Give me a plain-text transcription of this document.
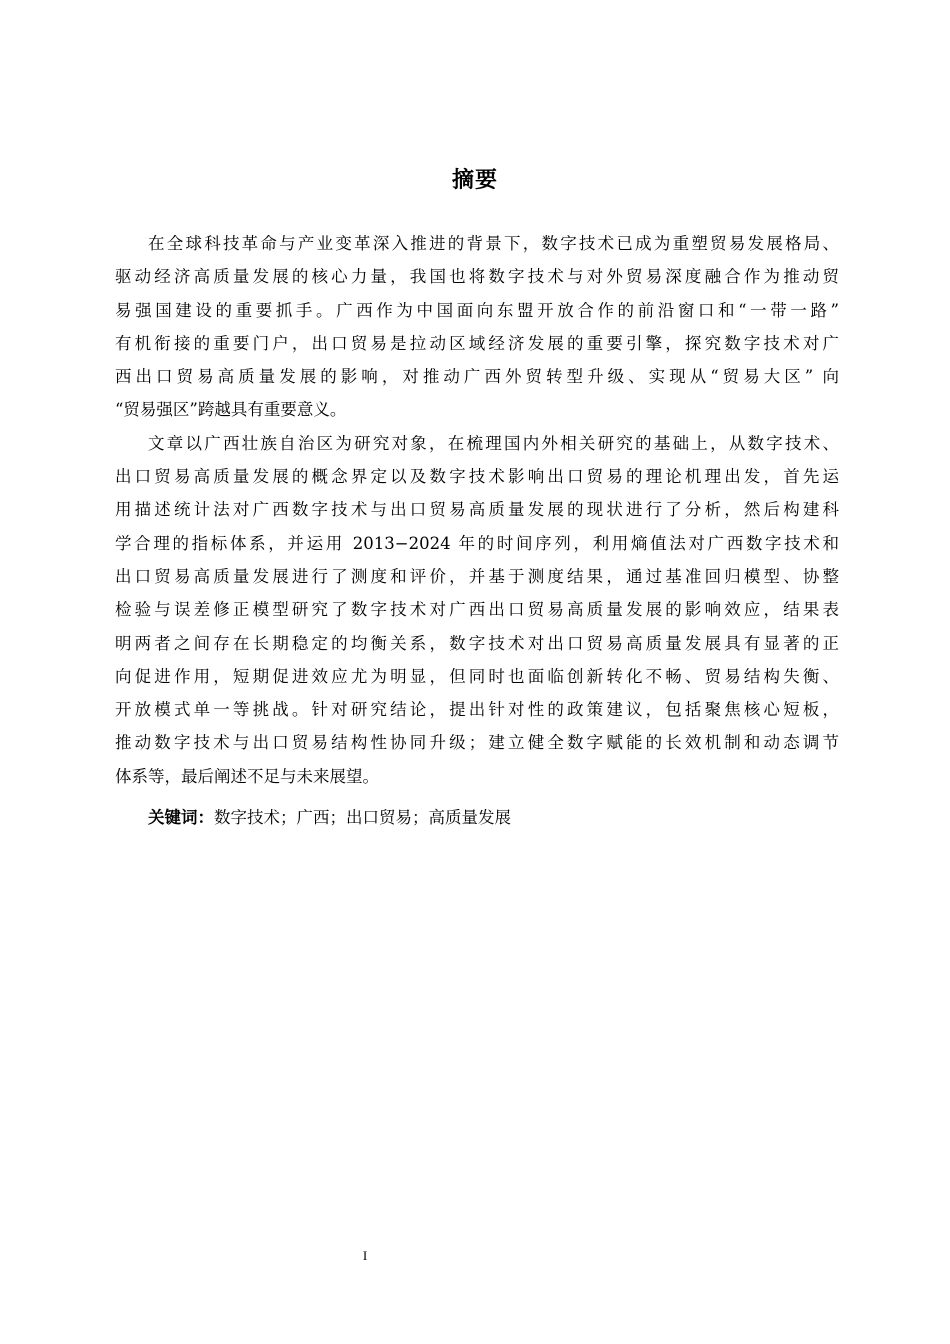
摘要
在全球科技革命与产业变革深入推进的背景下，数字技术已成为重塑贸易发展格局、
驱动经济高质量发展的核心力量，我国也将数字技术与对外贸易深度融合作为推动贸
易强国建设的重要抓手。广西作为中国面向东盟开放合作的前沿窗口和“一带一路”
有机衔接的重要门户，出口贸易是拉动区域经济发展的重要引擎，探究数字技术对广
西出口贸易高质量发展的影响，对推动广西外贸转型升级、实现从“贸易大区” 向
“贸易强区”跨越具有重要意义。
文章以广西壮族自治区为研究对象，在梳理国内外相关研究的基础上，从数字技术、
出口贸易高质量发展的概念界定以及数字技术影响出口贸易的理论机理出发，首先运
用描述统计法对广西数字技术与出口贸易高质量发展的现状进行了分析，然后构建科
学合理的指标体系，并运用 2013−2024 年的时间序列，利用熵值法对广西数字技术和
出口贸易高质量发展进行了测度和评价，并基于测度结果，通过基准回归模型、协整
检验与误差修正模型研究了数字技术对广西出口贸易高质量发展的影响效应，结果表
明两者之间存在长期稳定的均衡关系，数字技术对出口贸易高质量发展具有显著的正
向促进作用，短期促进效应尤为明显，但同时也面临创新转化不畅、贸易结构失衡、
开放模式单一等挑战。针对研究结论，提出针对性的政策建议，包括聚焦核心短板，
推动数字技术与出口贸易结构性协同升级；建立健全数字赋能的长效机制和动态调节
体系等，最后阐述不足与未来展望。
关键词：数字技术；广西；出口贸易；高质量发展
I
